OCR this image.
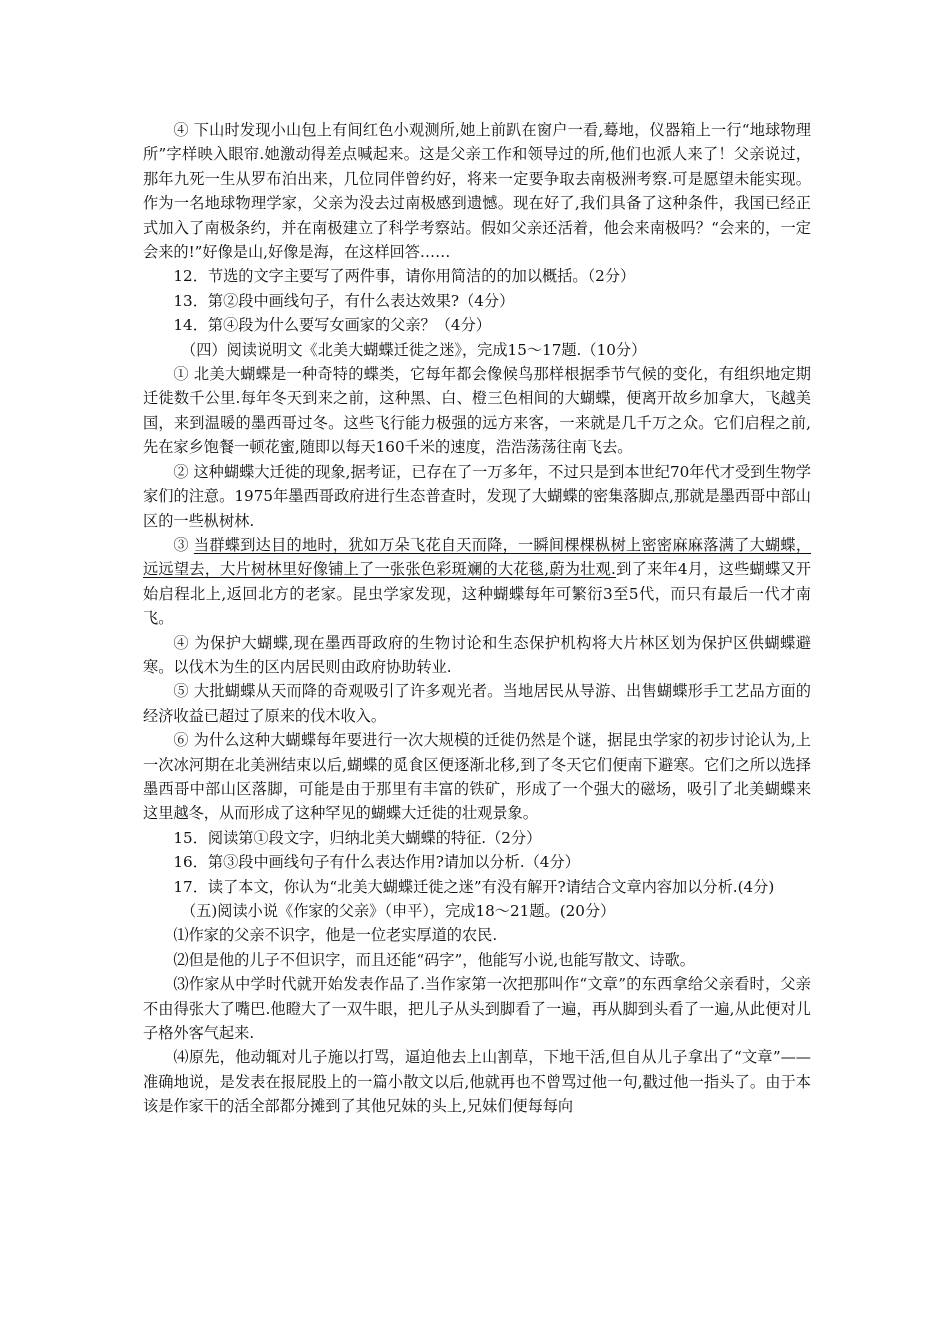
④ 下山时发现小山包上有间红色小观测所,她上前趴在窗户一看,蓦地，仪器箱上一行“地球物理所”字样映入眼帘.她激动得差点喊起来。这是父亲工作和领导过的所,他们也派人来了！父亲说过，那年九死一生从罗布泊出来，几位同伴曾约好，将来一定要争取去南极洲考察.可是愿望未能实现。作为一名地球物理学家，父亲为没去过南极感到遗憾。现在好了,我们具备了这种条件，我国已经正式加入了南极条约，并在南极建立了科学考察站。假如父亲还活着，他会来南极吗？“会来的，一定会来的!”好像是山,好像是海，在这样回答……

12．节选的文字主要写了两件事，请你用简洁的的加以概括。（2分）

13．第②段中画线句子，有什么表达效果?（4分）

14．第④段为什么要写女画家的父亲？（4分）

（四）阅读说明文《北美大蝴蝶迁徙之迷》，完成15～17题.（10分）

① 北美大蝴蝶是一种奇特的蝶类，它每年都会像候鸟那样根据季节气候的变化，有组织地定期迁徙数千公里.每年冬天到来之前，这种黑、白、橙三色相间的大蝴蝶，便离开故乡加拿大，飞越美国，来到温暖的墨西哥过冬。这些飞行能力极强的远方来客，一来就是几千万之众。它们启程之前,先在家乡饱餐一顿花蜜,随即以每天160千米的速度，浩浩荡荡往南飞去。

② 这种蝴蝶大迁徙的现象,据考证，已存在了一万多年，不过只是到本世纪70年代才受到生物学家们的注意。1975年墨西哥政府进行生态普查时，发现了大蝴蝶的密集落脚点,那就是墨西哥中部山区的一些枞树林.

③ 当群蝶到达目的地时，犹如万朵飞花自天而降，一瞬间棵棵枞树上密密麻麻落满了大蝴蝶，远远望去，大片树林里好像铺上了一张张色彩斑斓的大花毯,蔚为壮观.到了来年4月，这些蝴蝶又开始启程北上,返回北方的老家。昆虫学家发现，这种蝴蝶每年可繁衍3至5代，而只有最后一代才南飞。

④ 为保护大蝴蝶,现在墨西哥政府的生物讨论和生态保护机构将大片林区划为保护区供蝴蝶避寒。以伐木为生的区内居民则由政府协助转业.

⑤ 大批蝴蝶从天而降的奇观吸引了许多观光者。当地居民从导游、出售蝴蝶形手工艺品方面的经济收益已超过了原来的伐木收入。

⑥ 为什么这种大蝴蝶每年要进行一次大规模的迁徙仍然是个谜，据昆虫学家的初步讨论认为,上一次冰河期在北美洲结束以后,蝴蝶的觅食区便逐渐北移,到了冬天它们便南下避寒。它们之所以选择墨西哥中部山区落脚，可能是由于那里有丰富的铁矿，形成了一个强大的磁场，吸引了北美蝴蝶来这里越冬，从而形成了这种罕见的蝴蝶大迁徙的壮观景象。

15．阅读第①段文字，归纳北美大蝴蝶的特征.（2分）

16．第③段中画线句子有什么表达作用?请加以分析.（4分）

17．读了本文，你认为“北美大蝴蝶迁徙之迷”有没有解开?请结合文章内容加以分析.(4分)

（五)阅读小说《作家的父亲》（申平），完成18～21题。(20分）

⑴作家的父亲不识字，他是一位老实厚道的农民.

⑵但是他的儿子不但识字，而且还能“码字”，他能写小说,也能写散文、诗歌。

⑶作家从中学时代就开始发表作品了.当作家第一次把那叫作“文章”的东西拿给父亲看时，父亲不由得张大了嘴巴.他瞪大了一双牛眼，把儿子从头到脚看了一遍，再从脚到头看了一遍,从此便对儿子格外客气起来.

⑷原先，他动辄对儿子施以打骂，逼迫他去上山割草，下地干活,但自从儿子拿出了“文章”——准确地说，是发表在报屁股上的一篇小散文以后,他就再也不曾骂过他一句,戳过他一指头了。由于本该是作家干的活全部都分摊到了其他兄妹的头上,兄妹们便每每向
